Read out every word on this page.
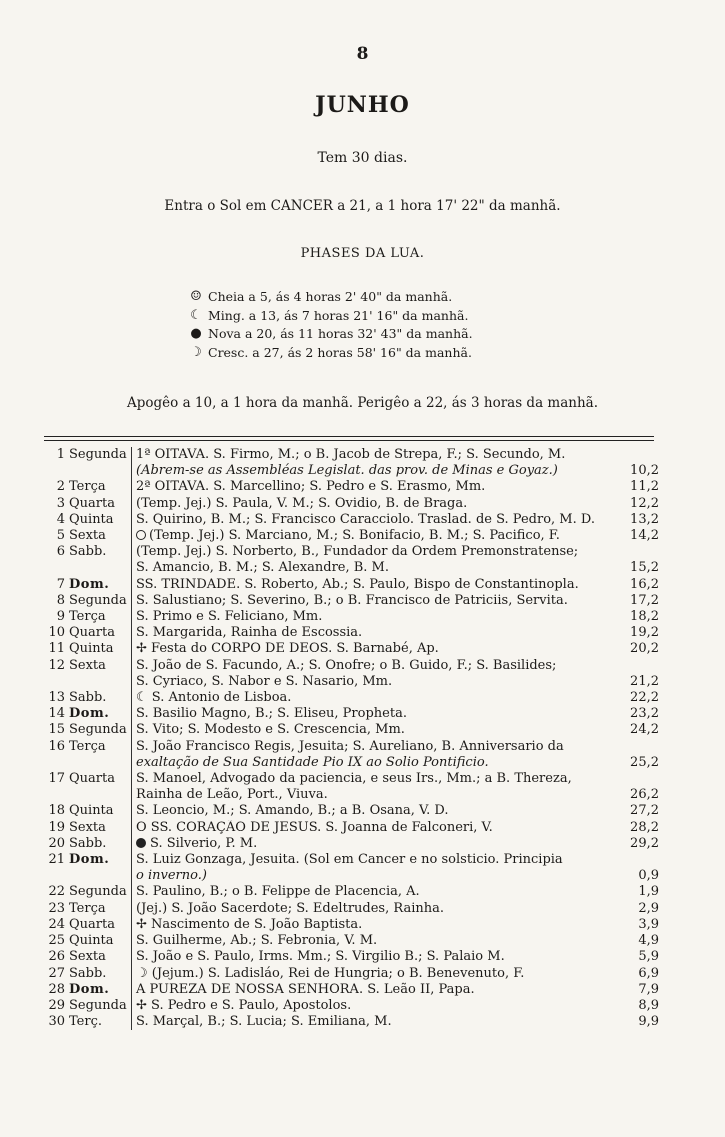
8
JUNHO
Tem 30 dias.
Entra o Sol em CANCER a 21, a 1 hora 17' 22" da manhã.
PHASES DA LUA.
☺ Cheia a 5, ás 4 horas 2' 40" da manhã.
☾ Ming. a 13, ás 7 horas 21' 16" da manhã.
● Nova a 20, ás 11 horas 32' 43" da manhã.
☽ Cresc. a 27, ás 2 horas 58' 16" da manhã.
Apogêo a 10, a 1 hora da manhã. Perigêo a 22, ás 3 horas da manhã.
1 Segunda 1ª OITAVA. S. Firmo, M.; o B. Jacob de Strepa, F.; S. Secundo, M.
(Abrem-se as Assembléas Legislat. das prov. de Minas e Goyaz.)	10,2
2 Terça	2ª OITAVA. S. Marcellino; S. Pedro e S. Erasmo, Mm.	11,2
3 Quarta	(Temp. Jej.) S. Paula, V. M.; S. Ovidio, B. de Braga.	12,2
4 Quinta	S. Quirino, B. M.; S. Francisco Caracciolo. Traslad. de S. Pedro, M. D.	13,2
5 Sexta	(Temp. Jej.) S. Marciano, M.; S. Bonifacio, B. M.; S. Pacifico, F.	14,2
6 Sabb.	(Temp. Jej.) S. Norberto, B., Fundador da Ordem Premonstratense;
S. Amancio, B. M.; S. Alexandre, B. M.	15,2
7 Dom.	SS. TRINDADE. S. Roberto, Ab.; S. Paulo, Bispo de Constantinopla.	16,2
8 Segunda S. Salustiano; S. Severino, B.; o B. Francisco de Patriciis, Servita.	17,2
9 Terça	S. Primo e S. Feliciano, Mm.	18,2
10 Quarta	S. Margarida, Rainha de Escossia.	19,2
11 Quinta	✢ Festa do CORPO DE DEOS. S. Barnabé, Ap.	20,2
12 Sexta	S. João de S. Facundo, A.; S. Onofre; o B. Guido, F.; S. Basilides;
S. Cyriaco, S. Nabor e S. Nasario, Mm.	21,2
13 Sabb.	☾ S. Antonio de Lisboa.	22,2
14 Dom.	S. Basilio Magno, B.; S. Eliseu, Propheta.	23,2
15 Segunda S. Vito; S. Modesto e S. Crescencia, Mm.	24,2
16 Terça	S. João Francisco Regis, Jesuita; S. Aureliano, B. Anniversario da
exaltação de Sua Santidade Pio IX ao Solio Pontificio.	25,2
17 Quarta	S. Manoel, Advogado da paciencia, e seus Irs., Mm.; a B. Thereza,
Rainha de Leão, Port., Viuva.	26,2
18 Quinta	S. Leoncio, M.; S. Amando, B.; a B. Osana, V. D.	27,2
19 Sexta	O SS. CORAÇÃO DE JESUS. S. Joanna de Falconeri, V.	28,2
20 Sabb.	S. Silverio, P. M.	29,2
21 Dom.	S. Luiz Gonzaga, Jesuita. (Sol em Cancer e no solsticio. Principia
o inverno.)	0,9
22 Segunda S. Paulino, B.; o B. Felippe de Placencia, A.	1,9
23 Terça	(Jej.) S. João Sacerdote; S. Edeltrudes, Rainha.	2,9
24 Quarta	✢ Nascimento de S. João Baptista.	3,9
25 Quinta	S. Guilherme, Ab.; S. Febronia, V. M.	4,9
26 Sexta	S. João e S. Paulo, Irms. Mm.; S. Virgilio B.; S. Palaio M.	5,9
27 Sabb.	☽ (Jejum.) S. Ladisláo, Rei de Hungria; o B. Benevenuto, F.	6,9
28 Dom.	A PUREZA DE NOSSA SENHORA. S. Leão II, Papa.	7,9
29 Segunda ✢ S. Pedro e S. Paulo, Apostolos.	8,9
30 Terç.	S. Marçal, B.; S. Lucia; S. Emiliana, M.	9,9
